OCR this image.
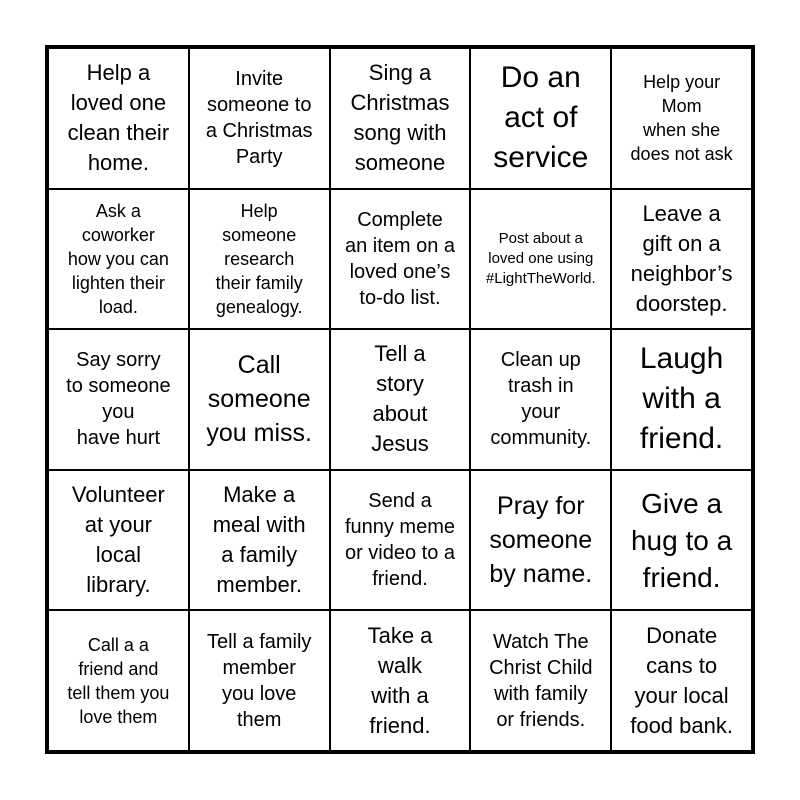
Help a
loved one
clean their
home.
Invite
someone to
a Christmas
Party
Sing a
Christmas
song with
someone
Do an
act of
service
Help your
Mom
when she
does not ask
Ask a
coworker
how you can
lighten their
load.
Help
someone
research
their family
genealogy.
Complete
an item on a
loved one’s
to-do list.
Post about a
loved one using
#LightTheWorld.
Leave a
gift on a
neighbor’s
doorstep.
Say sorry
to someone
you
have hurt
Call
someone
you miss.
Tell a
story
about
Jesus
Clean up
trash in
your
community.
Laugh
with a
friend.
Volunteer
at your
local
library.
Make a
meal with
a family
member.
Send a
funny meme
or video to a
friend.
Pray for
someone
by name.
Give a
hug to a
friend.
Call a a
friend and
tell them you
love them
Tell a family
member
you love
them
Take a
walk
with a
friend.
Watch The
Christ Child
with family
or friends.
Donate
cans to
your local
food bank.
